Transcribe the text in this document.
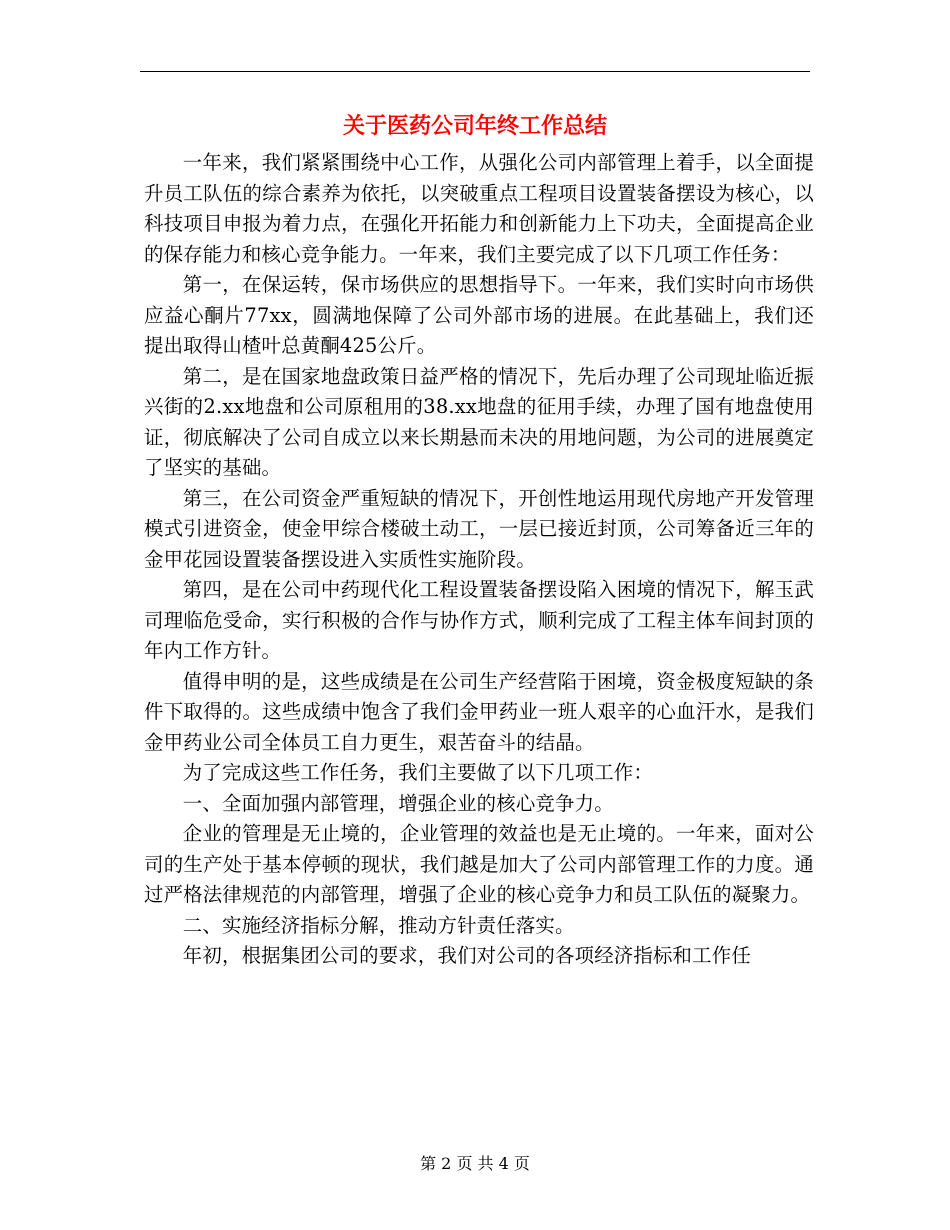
关于医药公司年终工作总结

一年来，我们紧紧围绕中心工作，从强化公司内部管理上着手，以全面提升员工队伍的综合素养为依托，以突破重点工程项目设置装备摆设为核心，以科技项目申报为着力点，在强化开拓能力和创新能力上下功夫，全面提高企业的保存能力和核心竞争能力。一年来，我们主要完成了以下几项工作任务：

第一，在保运转，保市场供应的思想指导下。一年来，我们实时向市场供应益心酮片77xx，圆满地保障了公司外部市场的进展。在此基础上，我们还提出取得山楂叶总黄酮425公斤。

第二，是在国家地盘政策日益严格的情况下，先后办理了公司现址临近振兴街的2.xx地盘和公司原租用的38.xx地盘的征用手续，办理了国有地盘使用证，彻底解决了公司自成立以来长期悬而未决的用地问题，为公司的进展奠定了坚实的基础。

第三，在公司资金严重短缺的情况下，开创性地运用现代房地产开发管理模式引进资金，使金甲综合楼破土动工，一层已接近封顶，公司筹备近三年的金甲花园设置装备摆设进入实质性实施阶段。

第四，是在公司中药现代化工程设置装备摆设陷入困境的情况下，解玉武司理临危受命，实行积极的合作与协作方式，顺利完成了工程主体车间封顶的年内工作方针。

值得申明的是，这些成绩是在公司生产经营陷于困境，资金极度短缺的条件下取得的。这些成绩中饱含了我们金甲药业一班人艰辛的心血汗水，是我们金甲药业公司全体员工自力更生，艰苦奋斗的结晶。

为了完成这些工作任务，我们主要做了以下几项工作：

一、全面加强内部管理，增强企业的核心竞争力。

企业的管理是无止境的，企业管理的效益也是无止境的。一年来，面对公司的生产处于基本停顿的现状，我们越是加大了公司内部管理工作的力度。通过严格法律规范的内部管理，增强了企业的核心竞争力和员工队伍的凝聚力。

二、实施经济指标分解，推动方针责任落实。

年初，根据集团公司的要求，我们对公司的各项经济指标和工作任

第 2 页 共 4 页
